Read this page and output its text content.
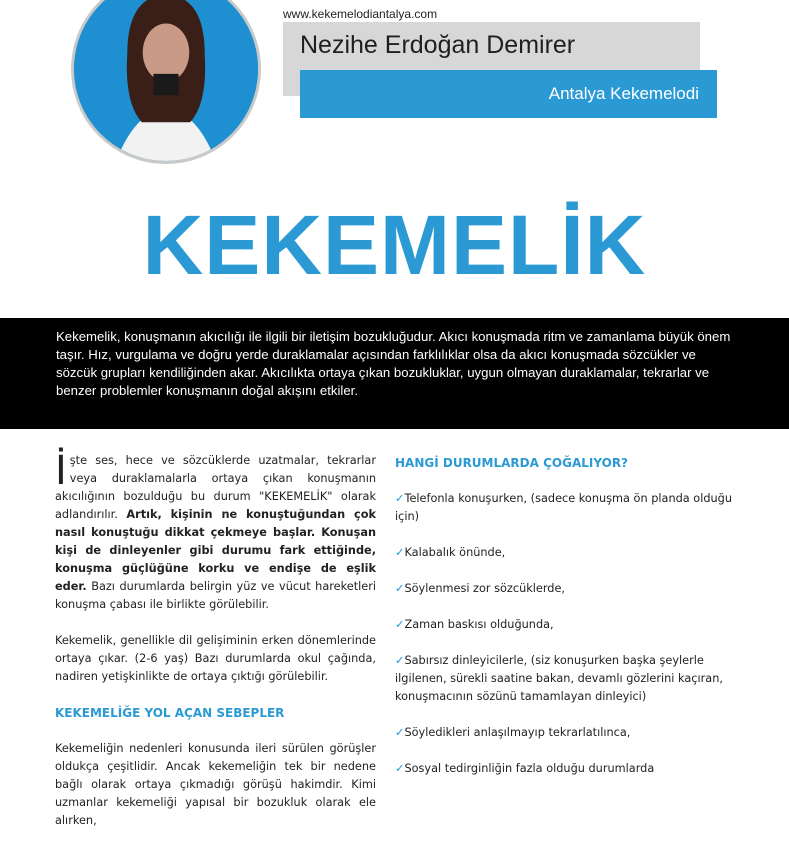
www.kekemelodiantalya.com
Nezihe Erdoğan Demirer
Antalya Kekemelodi
KEKEMELİK

Kekemelik, konuşmanın akıcılığı ile ilgili bir iletişim bozukluğudur. Akıcı konuşmada ritm ve zamanlama büyük önem taşır. Hız, vurgulama ve doğru yerde duraklamalar açısından farklılıklar olsa da akıcı konuşmada sözcükler ve sözcük grupları kendiliğinden akar. Akıcılıkta ortaya çıkan bozukluklar, uygun olmayan duraklamalar, tekrarlar ve benzer problemler konuşmanın doğal akışını etkiler.

İşte ses, hece ve sözcüklerde uzatmalar, tekrarlar veya duraklamalarla ortaya çıkan konuşmanın akıcılığının bozulduğu bu durum "KEKEMELİK" olarak adlandırılır. Artık, kişinin ne konuştuğundan çok nasıl konuştuğu dikkat çekmeye başlar. Konuşan kişi de dinleyenler gibi durumu fark ettiğinde, konuşma güçlüğüne korku ve endişe de eşlik eder. Bazı durumlarda belirgin yüz ve vücut hareketleri konuşma çabası ile birlikte görülebilir.

Kekemelik, genellikle dil gelişiminin erken dönemlerinde ortaya çıkar. (2-6 yaş) Bazı durumlarda okul çağında, nadiren yetişkinlikte de ortaya çıktığı görülebilir.

KEKEMELİĞE YOL AÇAN SEBEPLER

Kekemeliğin nedenleri konusunda ileri sürülen görüşler oldukça çeşitlidir. Ancak kekemeliğin tek bir nedene bağlı olarak ortaya çıkmadığı görüşü hakimdir. Kimi uzmanlar kekemeliği yapısal bir bozukluk olarak ele alırken,

HANGİ DURUMLARDA ÇOĞALIYOR?
✓Telefonla konuşurken, (sadece konuşma ön planda olduğu için)
✓Kalabalık önünde,
✓Söylenmesi zor sözcüklerde,
✓Zaman baskısı olduğunda,
✓Sabırsız dinleyicilerle, (siz konuşurken başka şeylerle ilgilenen, sürekli saatine bakan, devamlı gözlerini kaçıran, konuşmacının sözünü tamamlayan dinleyici)
✓Söyledikleri anlaşılmayıp tekrarlatılınca,
✓Sosyal tedirginliğin fazla olduğu durumlarda
